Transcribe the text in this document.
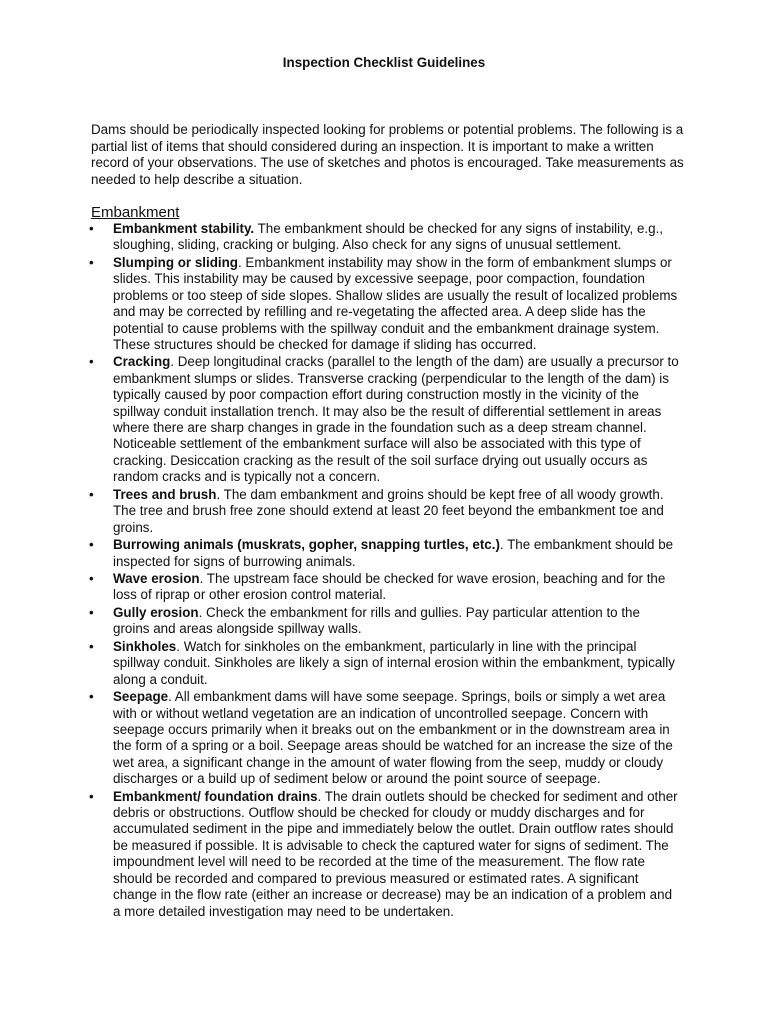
Inspection Checklist Guidelines
Dams should be periodically inspected looking for problems or potential problems. The following is a partial list of items that should considered during an inspection. It is important to make a written record of your observations. The use of sketches and photos is encouraged. Take measurements as needed to help describe a situation.
Embankment
• Embankment stability. The embankment should be checked for any signs of instability, e.g., sloughing, sliding, cracking or bulging. Also check for any signs of unusual settlement.
• Slumping or sliding. Embankment instability may show in the form of embankment slumps or slides. This instability may be caused by excessive seepage, poor compaction, foundation problems or too steep of side slopes. Shallow slides are usually the result of localized problems and may be corrected by refilling and re-vegetating the affected area. A deep slide has the potential to cause problems with the spillway conduit and the embankment drainage system. These structures should be checked for damage if sliding has occurred.
• Cracking. Deep longitudinal cracks (parallel to the length of the dam) are usually a precursor to embankment slumps or slides. Transverse cracking (perpendicular to the length of the dam) is typically caused by poor compaction effort during construction mostly in the vicinity of the spillway conduit installation trench. It may also be the result of differential settlement in areas where there are sharp changes in grade in the foundation such as a deep stream channel. Noticeable settlement of the embankment surface will also be associated with this type of cracking. Desiccation cracking as the result of the soil surface drying out usually occurs as random cracks and is typically not a concern.
• Trees and brush. The dam embankment and groins should be kept free of all woody growth. The tree and brush free zone should extend at least 20 feet beyond the embankment toe and groins.
• Burrowing animals (muskrats, gopher, snapping turtles, etc.). The embankment should be inspected for signs of burrowing animals.
• Wave erosion. The upstream face should be checked for wave erosion, beaching and for the loss of riprap or other erosion control material.
• Gully erosion. Check the embankment for rills and gullies. Pay particular attention to the groins and areas alongside spillway walls.
• Sinkholes. Watch for sinkholes on the embankment, particularly in line with the principal spillway conduit. Sinkholes are likely a sign of internal erosion within the embankment, typically along a conduit.
• Seepage. All embankment dams will have some seepage. Springs, boils or simply a wet area with or without wetland vegetation are an indication of uncontrolled seepage. Concern with seepage occurs primarily when it breaks out on the embankment or in the downstream area in the form of a spring or a boil. Seepage areas should be watched for an increase the size of the wet area, a significant change in the amount of water flowing from the seep, muddy or cloudy discharges or a build up of sediment below or around the point source of seepage.
• Embankment/ foundation drains. The drain outlets should be checked for sediment and other debris or obstructions. Outflow should be checked for cloudy or muddy discharges and for accumulated sediment in the pipe and immediately below the outlet. Drain outflow rates should be measured if possible. It is advisable to check the captured water for signs of sediment. The impoundment level will need to be recorded at the time of the measurement. The flow rate should be recorded and compared to previous measured or estimated rates. A significant change in the flow rate (either an increase or decrease) may be an indication of a problem and a more detailed investigation may need to be undertaken.
